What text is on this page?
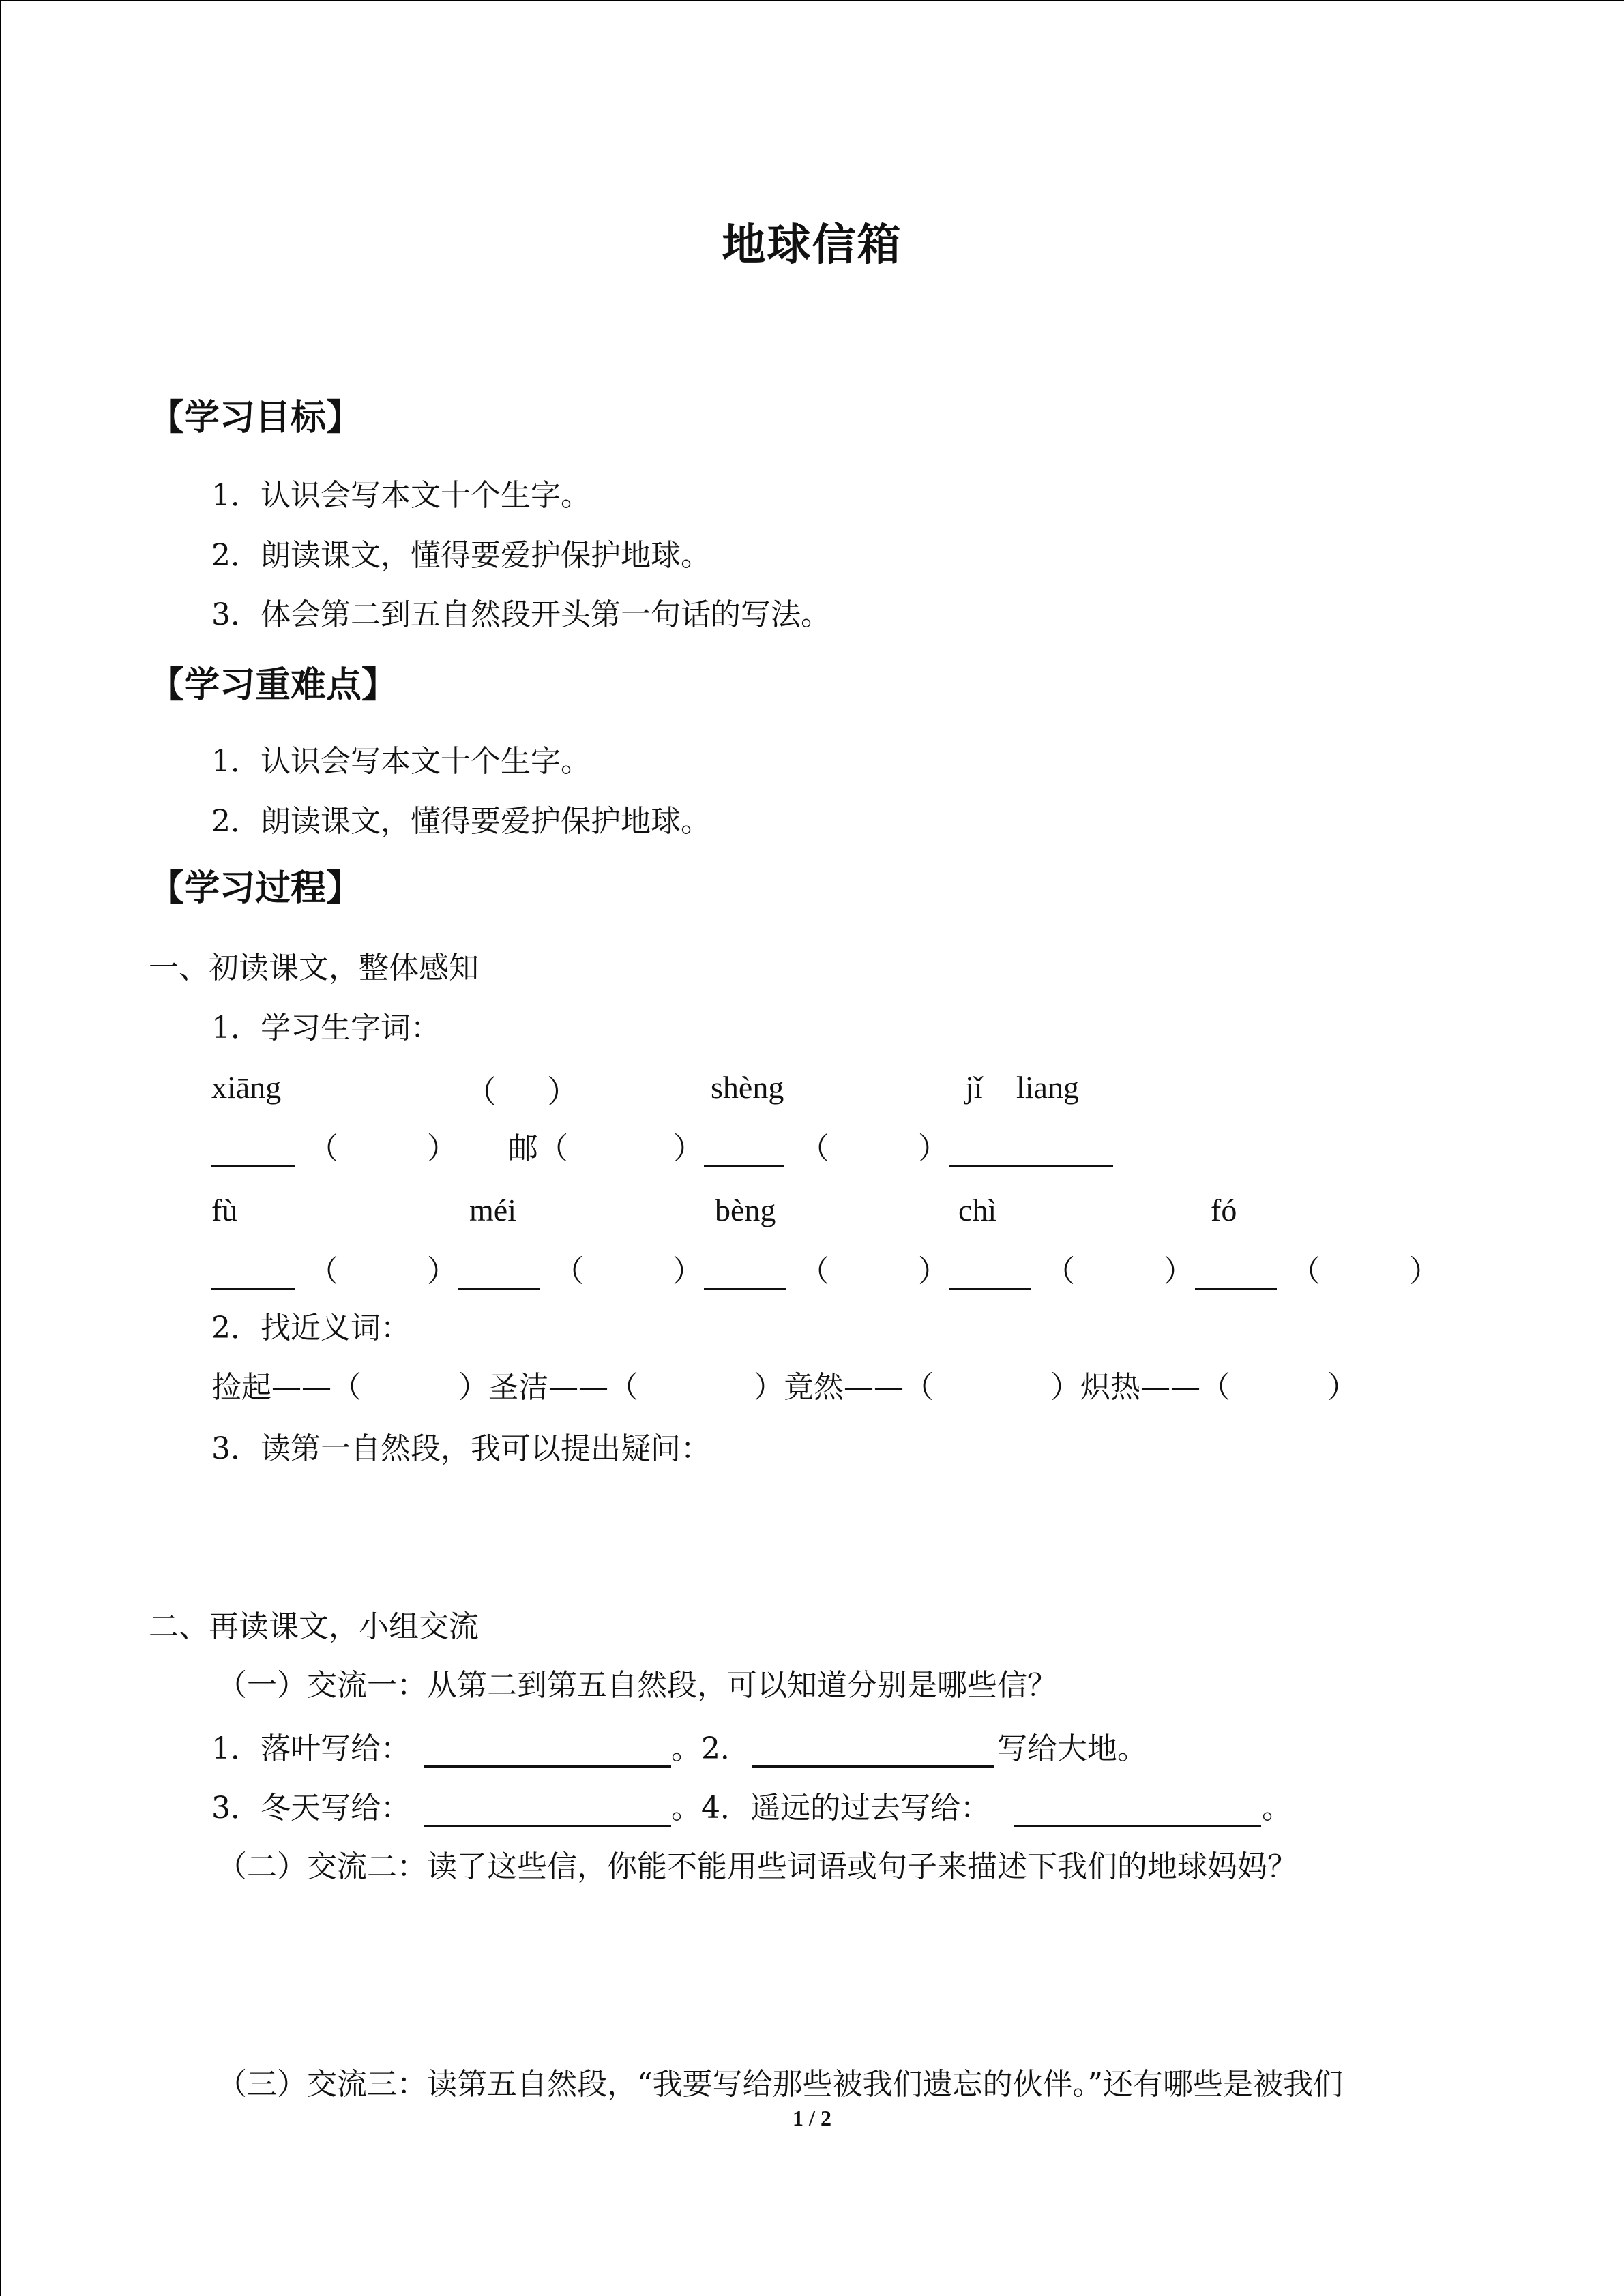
地球信箱
【学习目标】
1．认识会写本文十个生字。
2．朗读课文，懂得要爱护保护地球。
3．体会第二到五自然段开头第一句话的写法。
【学习重难点】
1．认识会写本文十个生字。
2．朗读课文，懂得要爱护保护地球。
【学习过程】
一、初读课文，整体感知
1．学习生字词：
xiāng	（ ）	shèng	jǐ liang
（	） 邮（	）	（	）
fù	méi	bèng	chì	fó
（	）	（	）	（	）	（	）	（	）
2．找近义词：
捡起——（	）圣洁——（	）竟然——（	）炽热——（	）
3．读第一自然段，我可以提出疑问：
二、再读课文，小组交流
（一）交流一：从第二到第五自然段，可以知道分别是哪些信？
1．落叶写给：	。2．	写给大地。
3．冬天写给：	。4．遥远的过去写给：	。
（二）交流二：读了这些信，你能不能用些词语或句子来描述下我们的地球妈妈？
（三）交流三：读第五自然段，“我要写给那些被我们遗忘的伙伴。”还有哪些是被我们
1 / 2
